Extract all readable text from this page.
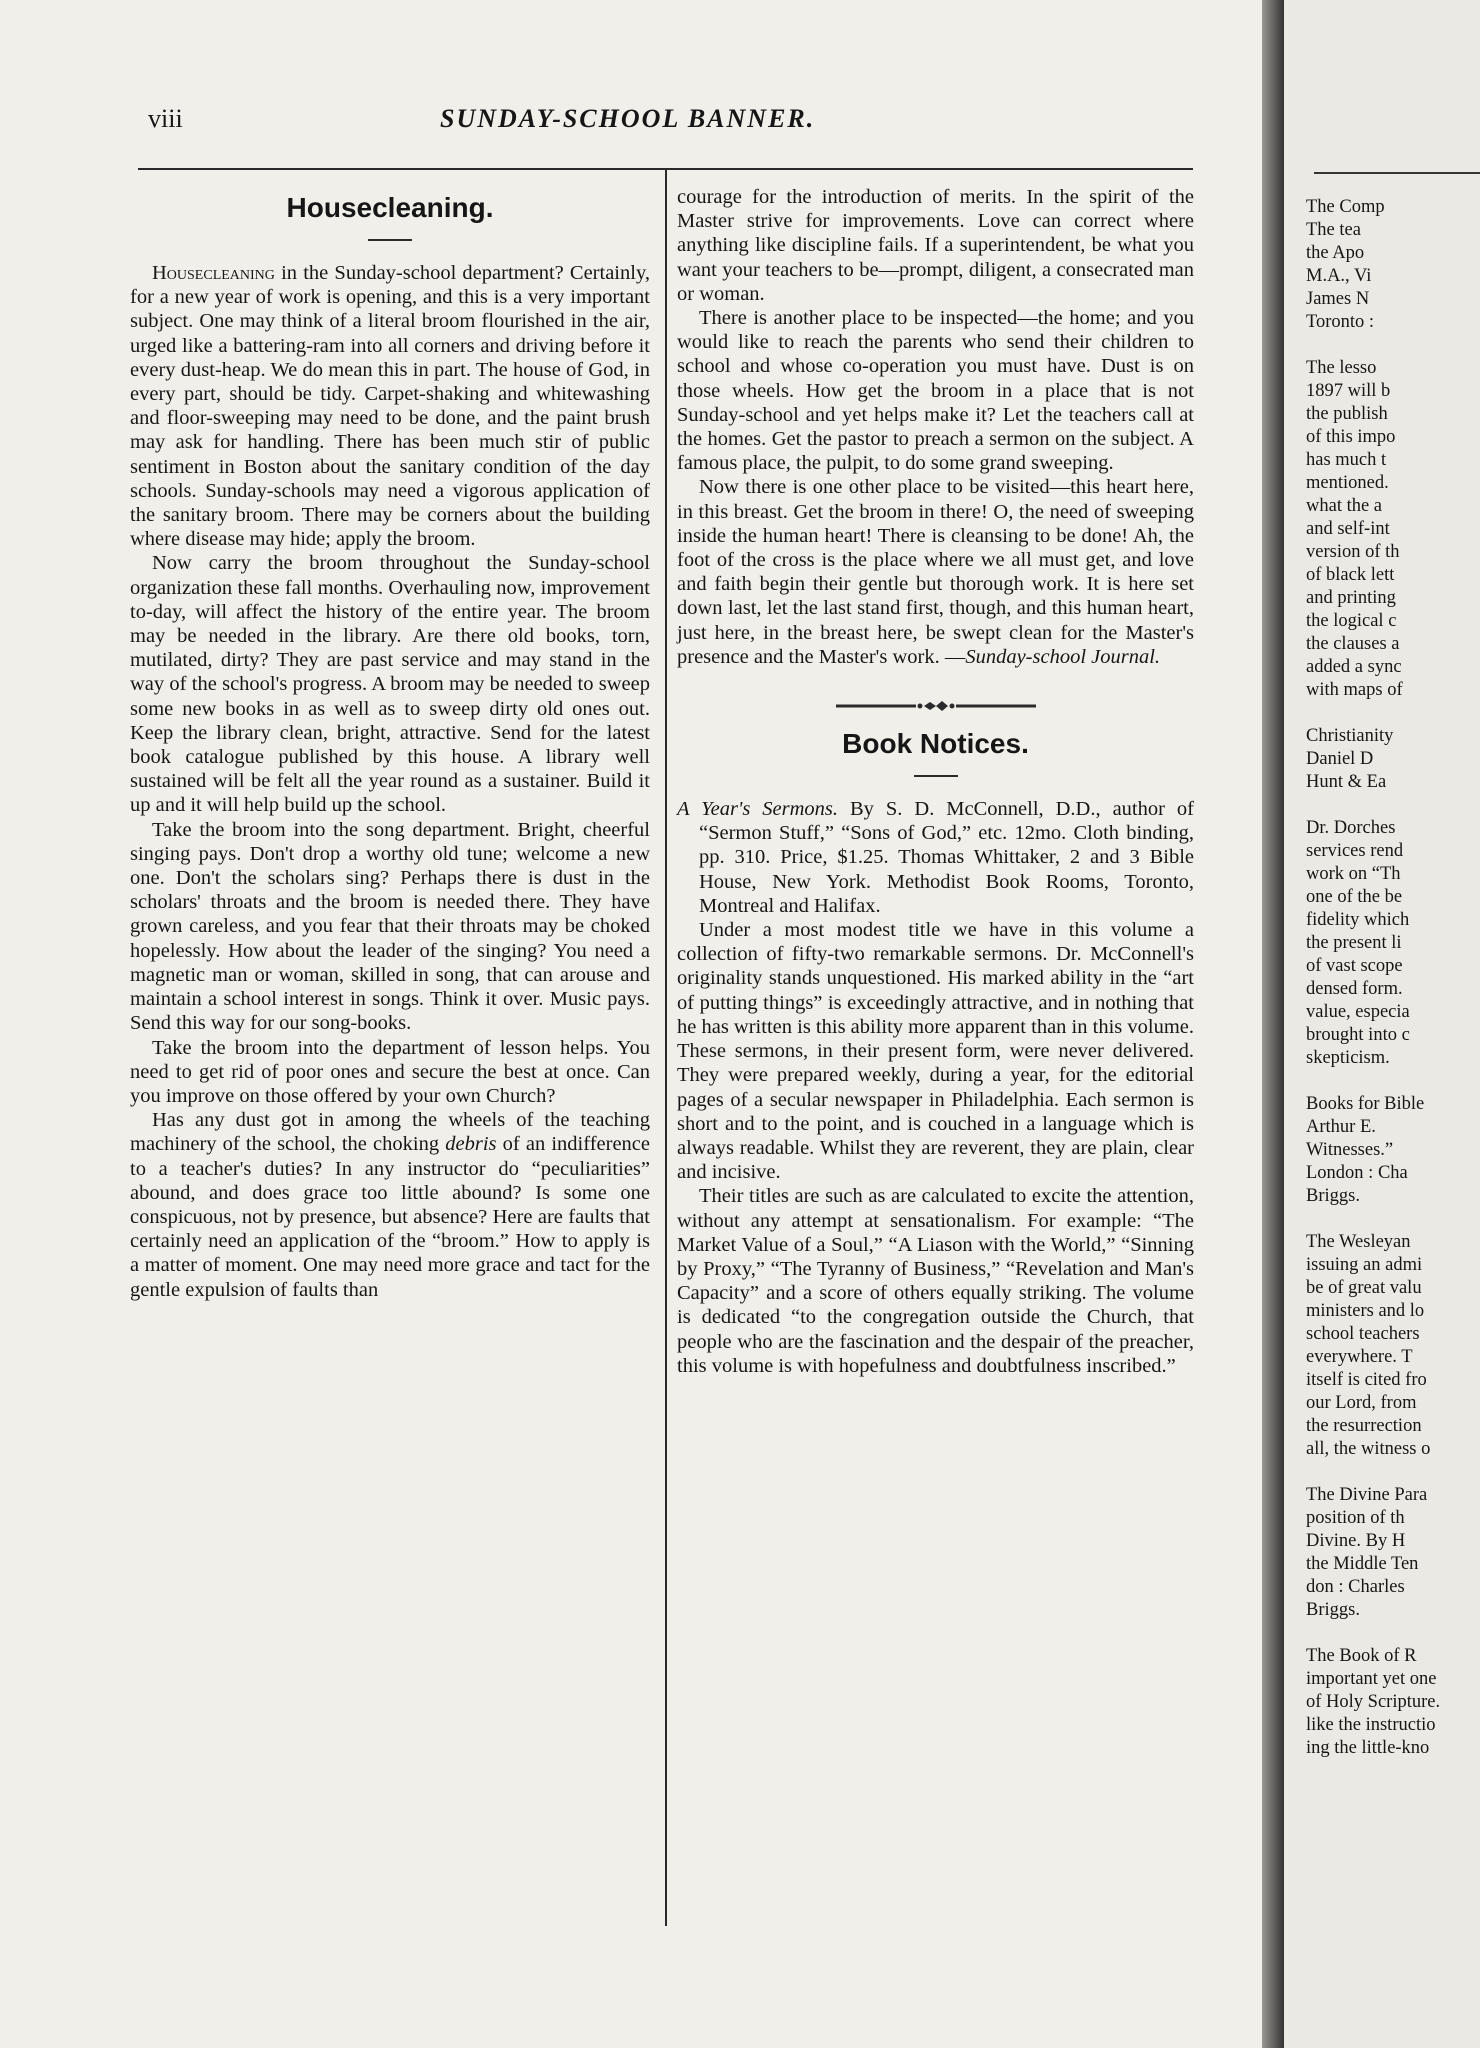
viii	SUNDAY-SCHOOL BANNER.
Housecleaning.

Housecleaning in the Sunday-school department? Certainly, for a new year of work is opening, and this is a very important subject. One may think of a literal broom flourished in the air, urged like a battering-ram into all corners and driving before it every dust-heap. We do mean this in part. The house of God, in every part, should be tidy. Carpet-shaking and whitewashing and floor-sweeping may need to be done, and the paint brush may ask for handling. There has been much stir of public sentiment in Boston about the sanitary condition of the day schools. Sunday-schools may need a vigorous application of the sanitary broom. There may be corners about the building where disease may hide; apply the broom.

Now carry the broom throughout the Sunday-school organization these fall months. Overhauling now, improvement to-day, will affect the history of the entire year. The broom may be needed in the library. Are there old books, torn, mutilated, dirty? They are past service and may stand in the way of the school's progress. A broom may be needed to sweep some new books in as well as to sweep dirty old ones out. Keep the library clean, bright, attractive. Send for the latest book catalogue published by this house. A library well sustained will be felt all the year round as a sustainer. Build it up and it will help build up the school.

Take the broom into the song department. Bright, cheerful singing pays. Don't drop a worthy old tune; welcome a new one. Don't the scholars sing? Perhaps there is dust in the scholars' throats and the broom is needed there. They have grown careless, and you fear that their throats may be choked hopelessly. How about the leader of the singing? You need a magnetic man or woman, skilled in song, that can arouse and maintain a school interest in songs. Think it over. Music pays. Send this way for our song-books.

Take the broom into the department of lesson helps. You need to get rid of poor ones and secure the best at once. Can you improve on those offered by your own Church?

Has any dust got in among the wheels of the teaching machinery of the school, the choking debris of an indifference to a teacher's duties? In any instructor do “peculiarities” abound, and does grace too little abound? Is some one conspicuous, not by presence, but absence? Here are faults that certainly need an application of the “broom.” How to apply is a matter of moment. One may need more grace and tact for the gentle expulsion of faults than

courage for the introduction of merits. In the spirit of the Master strive for improvements. Love can correct where anything like discipline fails. If a superintendent, be what you want your teachers to be—prompt, diligent, a consecrated man or woman.

There is another place to be inspected—the home; and you would like to reach the parents who send their children to school and whose co-operation you must have. Dust is on those wheels. How get the broom in a place that is not Sunday-school and yet helps make it? Let the teachers call at the homes. Get the pastor to preach a sermon on the subject. A famous place, the pulpit, to do some grand sweeping.

Now there is one other place to be visited—this heart here, in this breast. Get the broom in there! O, the need of sweeping inside the human heart! There is cleansing to be done! Ah, the foot of the cross is the place where we all must get, and love and faith begin their gentle but thorough work. It is here set down last, let the last stand first, though, and this human heart, just here, in the breast here, be swept clean for the Master's presence and the Master's work. —Sunday-school Journal.

Book Notices.

A Year's Sermons. By S. D. McConnell, D.D., author of “Sermon Stuff,” “Sons of God,” etc. 12mo. Cloth binding, pp. 310. Price, $1.25. Thomas Whittaker, 2 and 3 Bible House, New York. Methodist Book Rooms, Toronto, Montreal and Halifax.

Under a most modest title we have in this volume a collection of fifty-two remarkable sermons. Dr. McConnell's originality stands unquestioned. His marked ability in the “art of putting things” is exceedingly attractive, and in nothing that he has written is this ability more apparent than in this volume. These sermons, in their present form, were never delivered. They were prepared weekly, during a year, for the editorial pages of a secular newspaper in Philadelphia. Each sermon is short and to the point, and is couched in a language which is always readable. Whilst they are reverent, they are plain, clear and incisive.

Their titles are such as are calculated to excite the attention, without any attempt at sensationalism. For example: “The Market Value of a Soul,” “A Liason with the World,” “Sinning by Proxy,” “The Tyranny of Business,” “Revelation and Man's Capacity” and a score of others equally striking. The volume is dedicated “to the congregation outside the Church, that people who are the fascination and the despair of the preacher, this volume is with hopefulness and doubtfulness inscribed.”

The Comp
The tea
the Apo
M.A., Vi
James N
Toronto :

The lesso
1897 will b
the publish
of this impo
has much t
mentioned.
what the a
and self-int
version of th
of black lett
and printing
the logical c
the clauses a
added a sync
with maps of

Christianity
Daniel D
Hunt & Ea

Dr. Dorches
services rend
work on “Th
one of the be
fidelity which
the present li
of vast scope
densed form.
value, especia
brought into c
skepticism.

Books for Bible
Arthur E.
Witnesses.”
London : Cha
Briggs.

The Wesleyan
issuing an admi
be of great valu
ministers and lo
school teachers
everywhere. T
itself is cited fro
our Lord, from
the resurrection
all, the witness o

The Divine Para
position of th
Divine. By H
the Middle Ten
don : Charles
Briggs.

The Book of R
important yet one
of Holy Scripture.
like the instructio
ing the little-kno
